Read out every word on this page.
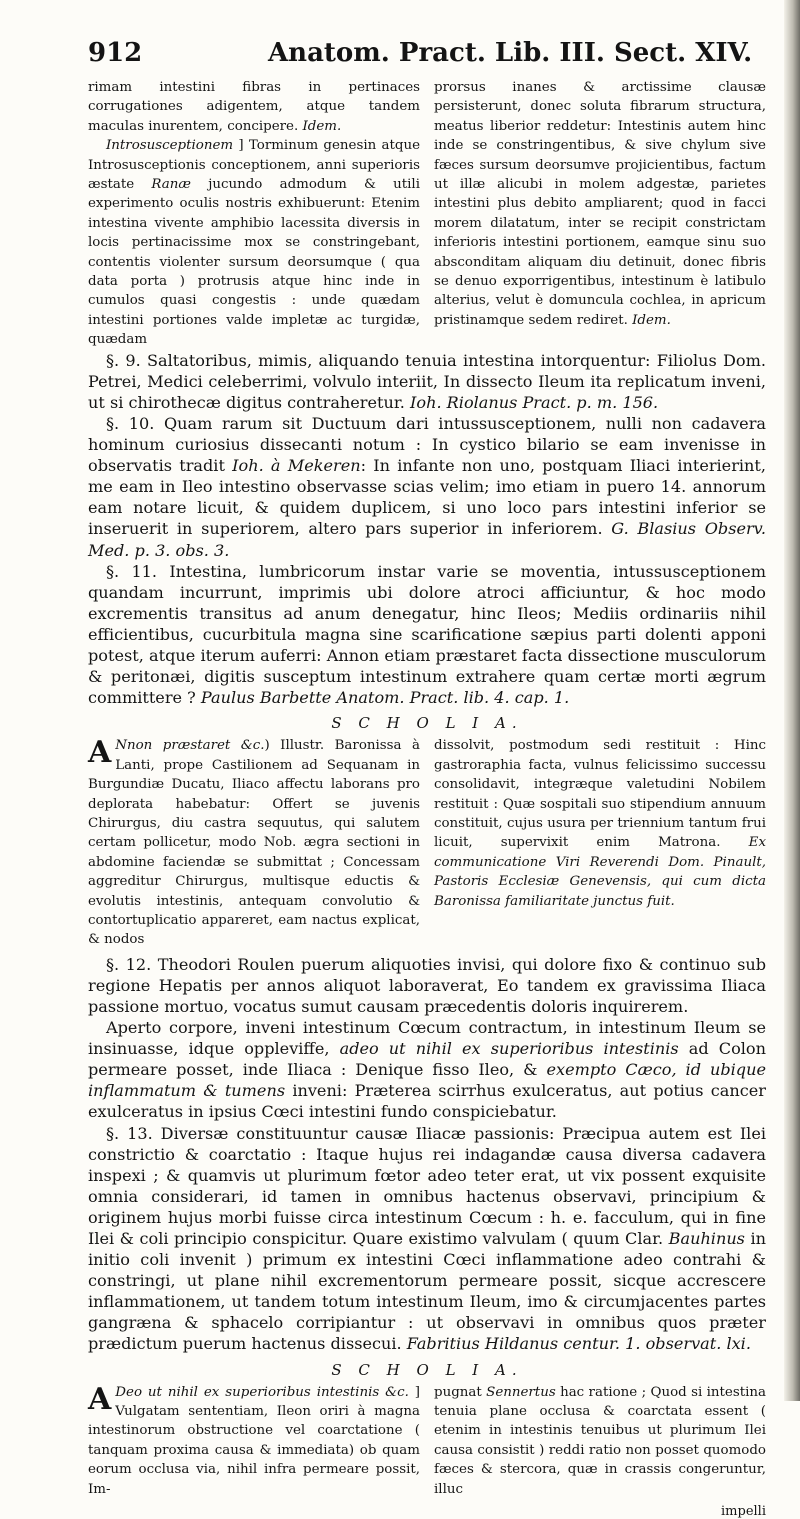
912	Anatom. Pract. Lib. III. Sect. XIV.

rimam intestini fibras in pertinaces corrugationes adigentem, atque tandem maculas inurentem, concipere. Idem.

Introsusceptionem ] Torminum genesin atque Introsusceptionis conceptionem, anni superioris æstate Ranæ jucundo admodum & utili experimento oculis nostris exhibuerunt: Etenim intestina vivente amphibio lacessita diversis in locis pertinacissime mox se constringebant, contentis violenter sursum deorsumque ( qua data porta ) protrusis atque hinc inde in cumulos quasi congestis : unde quædam intestini portiones valde impletæ ac turgidæ, quædam

prorsus inanes & arctissime clausæ persisterunt, donec soluta fibrarum structura, meatus liberior reddetur: Intestinis autem hinc inde se constringentibus, & sive chylum sive fæces sursum deorsumve projicientibus, factum ut illæ alicubi in molem adgestæ, parietes intestini plus debito ampliarent; quod in facci morem dilatatum, inter se recipit constrictam inferioris intestini portionem, eamque sinu suo absconditam aliquam diu detinuit, donec fibris se denuo exporrigentibus, intestinum è latibulo alterius, velut è domuncula cochlea, in apricum pristinamque sedem rediret. Idem.

§. 9. Saltatoribus, mimis, aliquando tenuia intestina intorquentur: Filiolus Dom. Petrei, Medici celeberrimi, volvulo interiit, In dissecto Ileum ita replicatum inveni, ut si chirothecæ digitus contraheretur. Ioh. Riolanus Pract. p. m. 156.

§. 10. Quam rarum sit Ductuum dari intussusceptionem, nulli non cadavera hominum curiosius dissecanti notum : In cystico bilario se eam invenisse in observatis tradit Ioh. à Mekeren: In infante non uno, postquam Iliaci interierint, me eam in Ileo intestino observasse scias velim; imo etiam in puero 14. annorum eam notare licuit, & quidem duplicem, si uno loco pars intestini inferior se inseruerit in superiorem, altero pars superior in inferiorem. G. Blasius Observ. Med. p. 3. obs. 3.

§. 11. Intestina, lumbricorum instar varie se moventia, intussusceptionem quandam incurrunt, imprimis ubi dolore atroci afficiuntur, & hoc modo excrementis transitus ad anum denegatur, hinc Ileos; Mediis ordinariis nihil efficientibus, cucurbitula magna sine scarificatione sæpius parti dolenti apponi potest, atque iterum auferri: Annon etiam præstaret facta dissectione musculorum & peritonæi, digitis susceptum intestinum extrahere quam certæ morti ægrum committere ? Paulus Barbette Anatom. Pract. lib. 4. cap. 1.

S C H O L I A.

A Nnon præstaret &c.) Illustr. Baronissa à Lanti, prope Castilionem ad Sequanam in Burgundiæ Ducatu, Iliaco affectu laborans pro deplorata habebatur: Offert se juvenis Chirurgus, diu castra sequutus, qui salutem certam pollicetur, modo Nob. ægra sectioni in abdomine faciendæ se submittat ; Concessam aggreditur Chirurgus, multisque eductis & evolutis intestinis, antequam convolutio & contortuplicatio appareret, eam nactus explicat, & nodos

dissolvit, postmodum sedi restituit : Hinc gastroraphia facta, vulnus felicissimo successu consolidavit, integræque valetudini Nobilem restituit : Quæ sospitali suo stipendium annuum constituit, cujus usura per triennium tantum frui licuit, supervixit enim Matrona. Ex communicatione Viri Reverendi Dom. Pinault, Pastoris Ecclesiæ Genevensis, qui cum dicta Baronissa familiaritate junctus fuit.

§. 12. Theodori Roulen puerum aliquoties invisi, qui dolore fixo & continuo sub regione Hepatis per annos aliquot laboraverat, Eo tandem ex gravissima Iliaca passione mortuo, vocatus sumut causam præcedentis doloris inquirerem.

Aperto corpore, inveni intestinum Cœcum contractum, in intestinum Ileum se insinuasse, idque oppleviffe, adeo ut nihil ex superioribus intestinis ad Colon permeare posset, inde Iliaca : Denique fisso Ileo, & exempto Cæco, id ubique inflammatum & tumens inveni: Præterea scirrhus exulceratus, aut potius cancer exulceratus in ipsius Cœci intestini fundo conspiciebatur.

§. 13. Diversæ constituuntur causæ Iliacæ passionis: Præcipua autem est Ilei constrictio & coarctatio : Itaque hujus rei indagandæ causa diversa cadavera inspexi ; & quamvis ut plurimum fœtor adeo teter erat, ut vix possent exquisite omnia considerari, id tamen in omnibus hactenus observavi, principium & originem hujus morbi fuisse circa intestinum Cœcum : h. e. facculum, qui in fine Ilei & coli principio conspicitur. Quare existimo valvulam ( quum Clar. Bauhinus in initio coli invenit ) primum ex intestini Cœci inflammatione adeo contrahi & constringi, ut plane nihil excrementorum permeare possit, sicque accrescere inflammationem, ut tandem totum intestinum Ileum, imo & circumjacentes partes gangræna & sphacelo corripiantur : ut observavi in omnibus quos præter prædictum puerum hactenus dissecui. Fabritius Hildanus centur. 1. observat. lxi.

S C H O L I A.

A Deo ut nihil ex superioribus intestinis &c. ] Vulgatam sententiam, Ileon oriri à magna intestinorum obstructione vel coarctatione ( tanquam proxima causa & immediata) ob quam eorum occlusa via, nihil infra permeare possit, Im-

pugnat Sennertus hac ratione ; Quod si intestina tenuia plane occlusa & coarctata essent ( etenim in intestinis tenuibus ut plurimum Ilei causa consistit ) reddi ratio non posset quomodo fæces & stercora, quæ in crassis congeruntur, illuc

impelli
